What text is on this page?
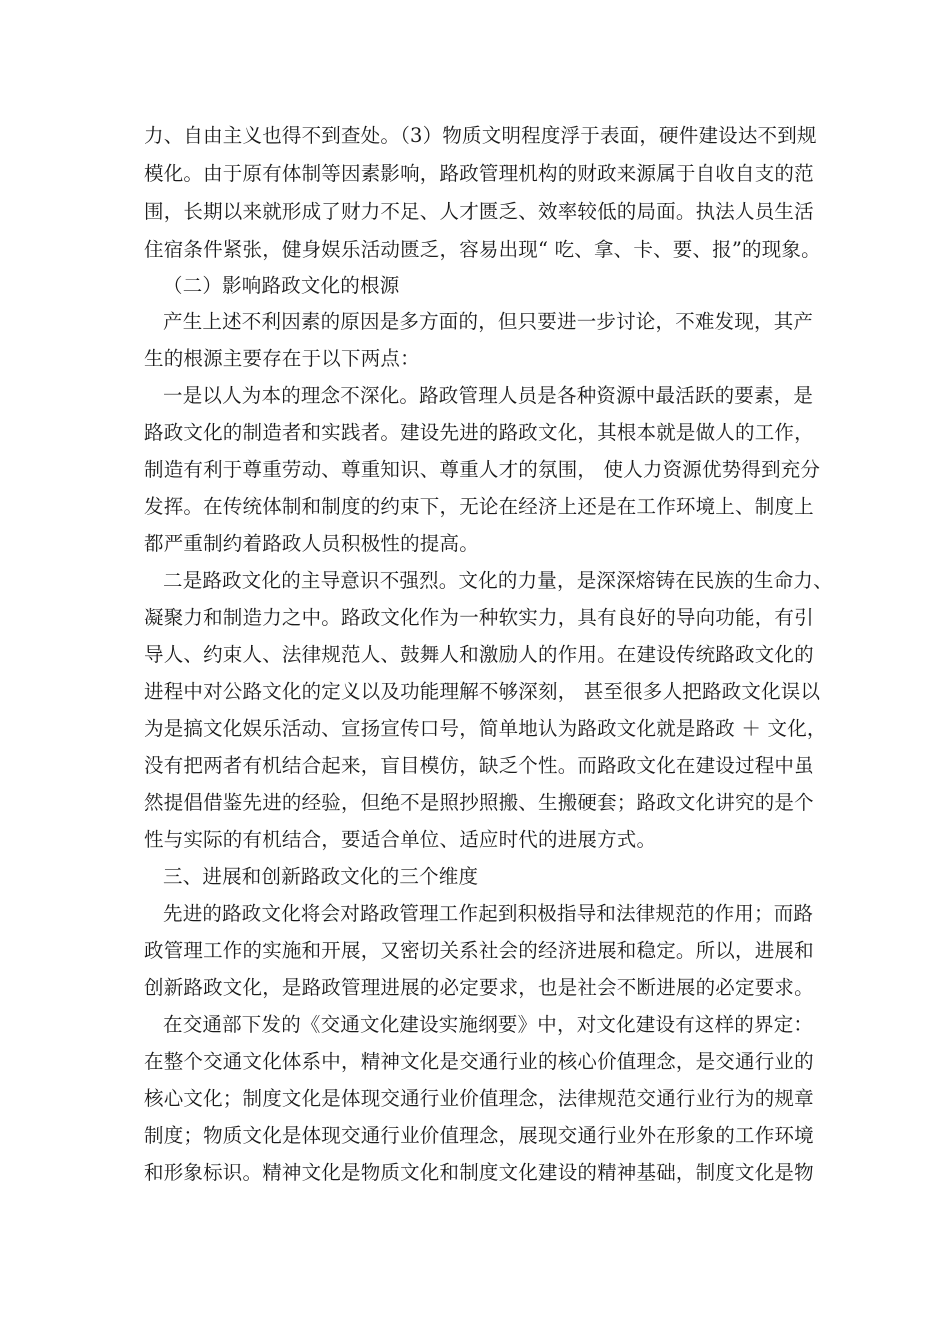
力、自由主义也得不到查处。（3）物质文明程度浮于表面，硬件建设达不到规
模化。由于原有体制等因素影响，路政管理机构的财政来源属于自收自支的范
围，长期以来就形成了财力不足、人才匮乏、效率较低的局面。执法人员生活
住宿条件紧张，健身娱乐活动匮乏，容易出现“ 吃、拿、卡、要、报”的现象。
（二）影响路政文化的根源
产生上述不利因素的原因是多方面的，但只要进一步讨论，不难发现，其产
生的根源主要存在于以下两点：
一是以人为本的理念不深化。路政管理人员是各种资源中最活跃的要素，是
路政文化的制造者和实践者。建设先进的路政文化，其根本就是做人的工作，
制造有利于尊重劳动、尊重知识、尊重人才的氛围， 使人力资源优势得到充分
发挥。在传统体制和制度的约束下，无论在经济上还是在工作环境上、制度上
都严重制约着路政人员积极性的提高。
二是路政文化的主导意识不强烈。文化的力量，是深深熔铸在民族的生命力、
凝聚力和制造力之中。路政文化作为一种软实力，具有良好的导向功能，有引
导人、约束人、法律规范人、鼓舞人和激励人的作用。在建设传统路政文化的
进程中对公路文化的定义以及功能理解不够深刻， 甚至很多人把路政文化误以
为是搞文化娱乐活动、宣扬宣传口号，简单地认为路政文化就是路政 ＋ 文化，
没有把两者有机结合起来，盲目模仿，缺乏个性。而路政文化在建设过程中虽
然提倡借鉴先进的经验，但绝不是照抄照搬、生搬硬套；路政文化讲究的是个
性与实际的有机结合，要适合单位、适应时代的进展方式。
三、进展和创新路政文化的三个维度
先进的路政文化将会对路政管理工作起到积极指导和法律规范的作用；而路
政管理工作的实施和开展，又密切关系社会的经济进展和稳定。所以，进展和
创新路政文化，是路政管理进展的必定要求，也是社会不断进展的必定要求。
在交通部下发的《交通文化建设实施纲要》中，对文化建设有这样的界定：
在整个交通文化体系中，精神文化是交通行业的核心价值理念，是交通行业的
核心文化；制度文化是体现交通行业价值理念，法律规范交通行业行为的规章
制度；物质文化是体现交通行业价值理念，展现交通行业外在形象的工作环境
和形象标识。精神文化是物质文化和制度文化建设的精神基础，制度文化是物
